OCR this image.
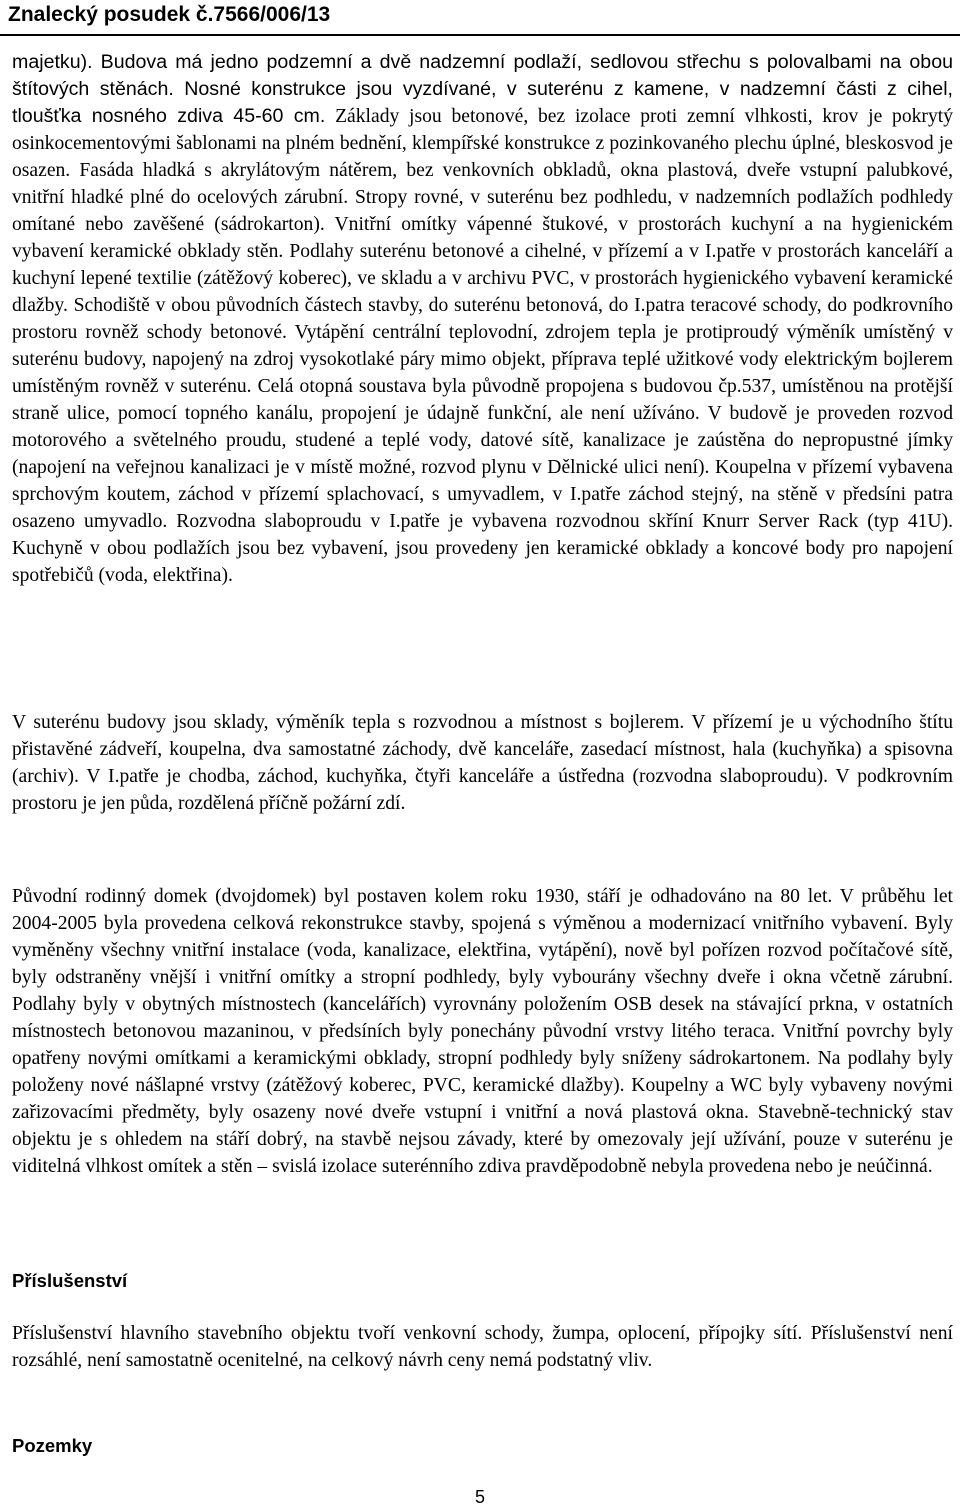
Znalecký posudek č.7566/006/13

majetku). Budova má jedno podzemní a dvě nadzemní podlaží, sedlovou střechu s polovalbami na obou štítových stěnách. Nosné konstrukce jsou vyzdívané, v suterénu z kamene, v nadzemní části z cihel, tloušťka nosného zdiva 45-60 cm. Základy jsou betonové, bez izolace proti zemní vlhkosti, krov je pokrytý osinkocementovými šablonami na plném bednění, klempířské konstrukce z pozinkovaného plechu úplné, bleskosvod je osazen. Fasáda hladká s akrylátovým nátěrem, bez venkovních obkladů, okna plastová, dveře vstupní palubkové, vnitřní hladké plné do ocelových zárubní. Stropy rovné, v suterénu bez podhledu, v nadzemních podlažích podhledy omítané nebo zavěšené (sádrokarton). Vnitřní omítky vápenné štukové, v prostorách kuchyní a na hygienickém vybavení keramické obklady stěn. Podlahy suterénu betonové a cihelné, v přízemí a v I.patře v prostorách kanceláří a kuchyní lepené textilie (zátěžový koberec), ve skladu a v archivu PVC, v prostorách hygienického vybavení keramické dlažby. Schodiště v obou původních částech stavby, do suterénu betonová, do I.patra teracové schody, do podkrovního prostoru rovněž schody betonové. Vytápění centrální teplovodní, zdrojem tepla je protiproudý výměník umístěný v suterénu budovy, napojený na zdroj vysokotlaké páry mimo objekt, příprava teplé užitkové vody elektrickým bojlerem umístěným rovněž v suterénu. Celá otopná soustava byla původně propojena s budovou čp.537, umístěnou na protější straně ulice, pomocí topného kanálu, propojení je údajně funkční, ale není užíváno. V budově je proveden rozvod motorového a světelného proudu, studené a teplé vody, datové sítě, kanalizace je zaústěna do nepropustné jímky (napojení na veřejnou kanalizaci je v místě možné, rozvod plynu v Dělnické ulici není). Koupelna v přízemí vybavena sprchovým koutem, záchod v přízemí splachovací, s umyvadlem, v I.patře záchod stejný, na stěně v předsíni patra osazeno umyvadlo. Rozvodna slaboproudu v I.patře je vybavena rozvodnou skříní Knurr Server Rack (typ 41U). Kuchyně v obou podlažích jsou bez vybavení, jsou provedeny jen keramické obklady a koncové body pro napojení spotřebičů (voda, elektřina).

V suterénu budovy jsou sklady, výměník tepla s rozvodnou a místnost s bojlerem. V přízemí je u východního štítu přistavěné zádveří, koupelna, dva samostatné záchody, dvě kanceláře, zasedací místnost, hala (kuchyňka) a spisovna (archiv). V I.patře je chodba, záchod, kuchyňka, čtyři kanceláře a ústředna (rozvodna slaboproudu). V podkrovním prostoru je jen půda, rozdělená příčně požární zdí.

Původní rodinný domek (dvojdomek) byl postaven kolem roku 1930, stáří je odhadováno na 80 let. V průběhu let 2004-2005 byla provedena celková rekonstrukce stavby, spojená s výměnou a modernizací vnitřního vybavení. Byly vyměněny všechny vnitřní instalace (voda, kanalizace, elektřina, vytápění), nově byl pořízen rozvod počítačové sítě, byly odstraněny vnější i vnitřní omítky a stropní podhledy, byly vybourány všechny dveře i okna včetně zárubní. Podlahy byly v obytných místnostech (kancelářích) vyrovnány položením OSB desek na stávající prkna, v ostatních místnostech betonovou mazaninou, v předsíních byly ponechány původní vrstvy litého teraca. Vnitřní povrchy byly opatřeny novými omítkami a keramickými obklady, stropní podhledy byly sníženy sádrokartonem. Na podlahy byly položeny nové nášlapné vrstvy (zátěžový koberec, PVC, keramické dlažby). Koupelny a WC byly vybaveny novými zařizovacími předměty, byly osazeny nové dveře vstupní i vnitřní a nová plastová okna. Stavebně-technický stav objektu je s ohledem na stáří dobrý, na stavbě nejsou závady, které by omezovaly její užívání, pouze v suterénu je viditelná vlhkost omítek a stěn – svislá izolace suterénního zdiva pravděpodobně nebyla provedena nebo je neúčinná.

Příslušenství

Příslušenství hlavního stavebního objektu tvoří venkovní schody, žumpa, oplocení, přípojky sítí. Příslušenství není rozsáhlé, není samostatně ocenitelné, na celkový návrh ceny nemá podstatný vliv.

Pozemky
5
